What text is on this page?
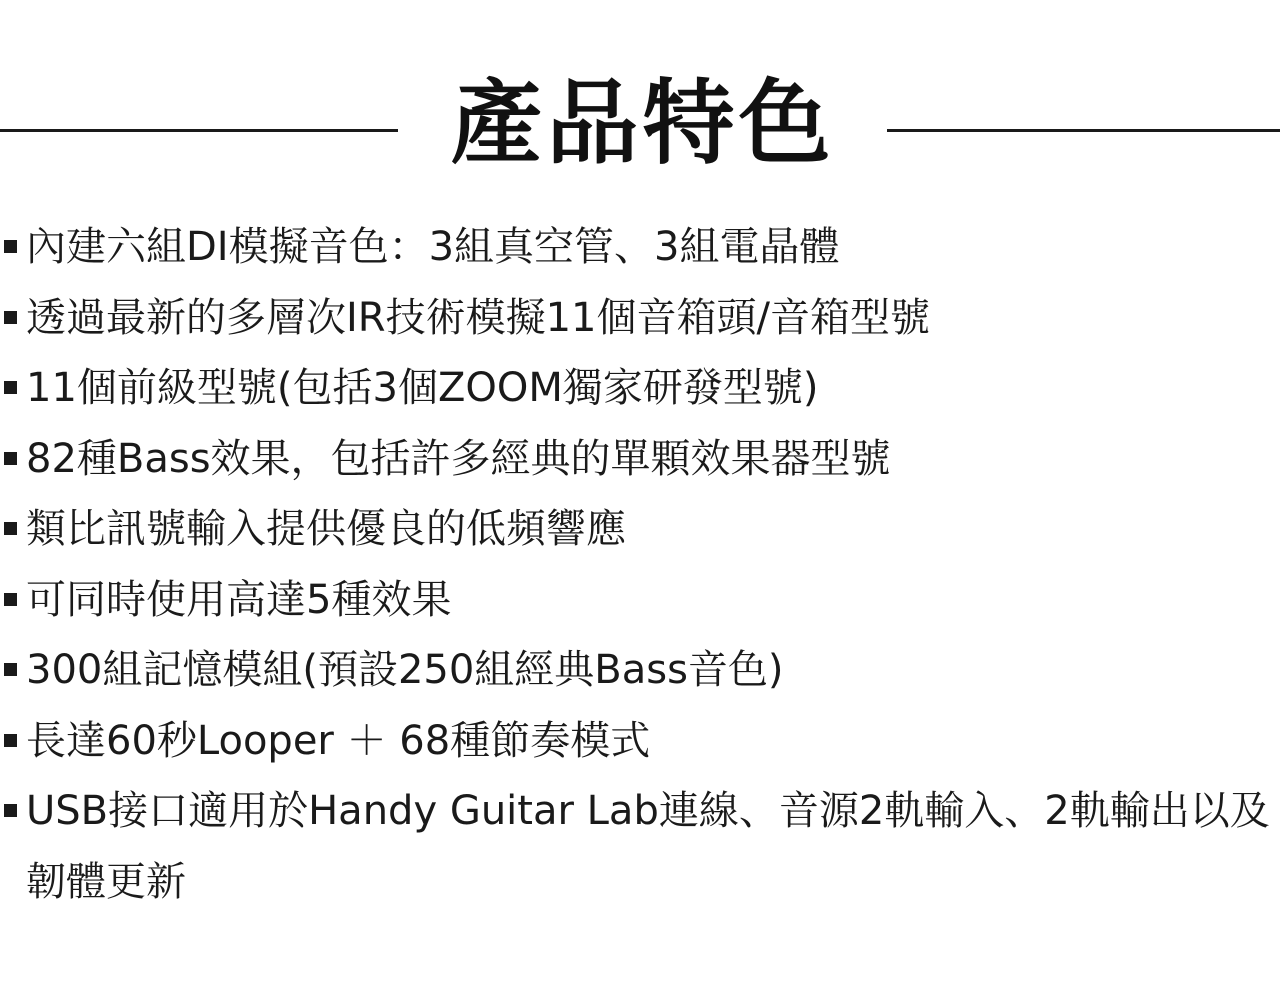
產品特色
內建六組DI模擬音色：3組真空管、3組電晶體
透過最新的多層次IR技術模擬11個音箱頭/音箱型號
11個前級型號(包括3個ZOOM獨家研發型號)
82種Bass效果，包括許多經典的單顆效果器型號
類比訊號輸入提供優良的低頻響應
可同時使用高達5種效果
300組記憶模組(預設250組經典Bass音色)
長達60秒Looper ＋ 68種節奏模式
USB接口適用於Handy Guitar Lab連線、音源2軌輸入、2軌輸出以及韌體更新
